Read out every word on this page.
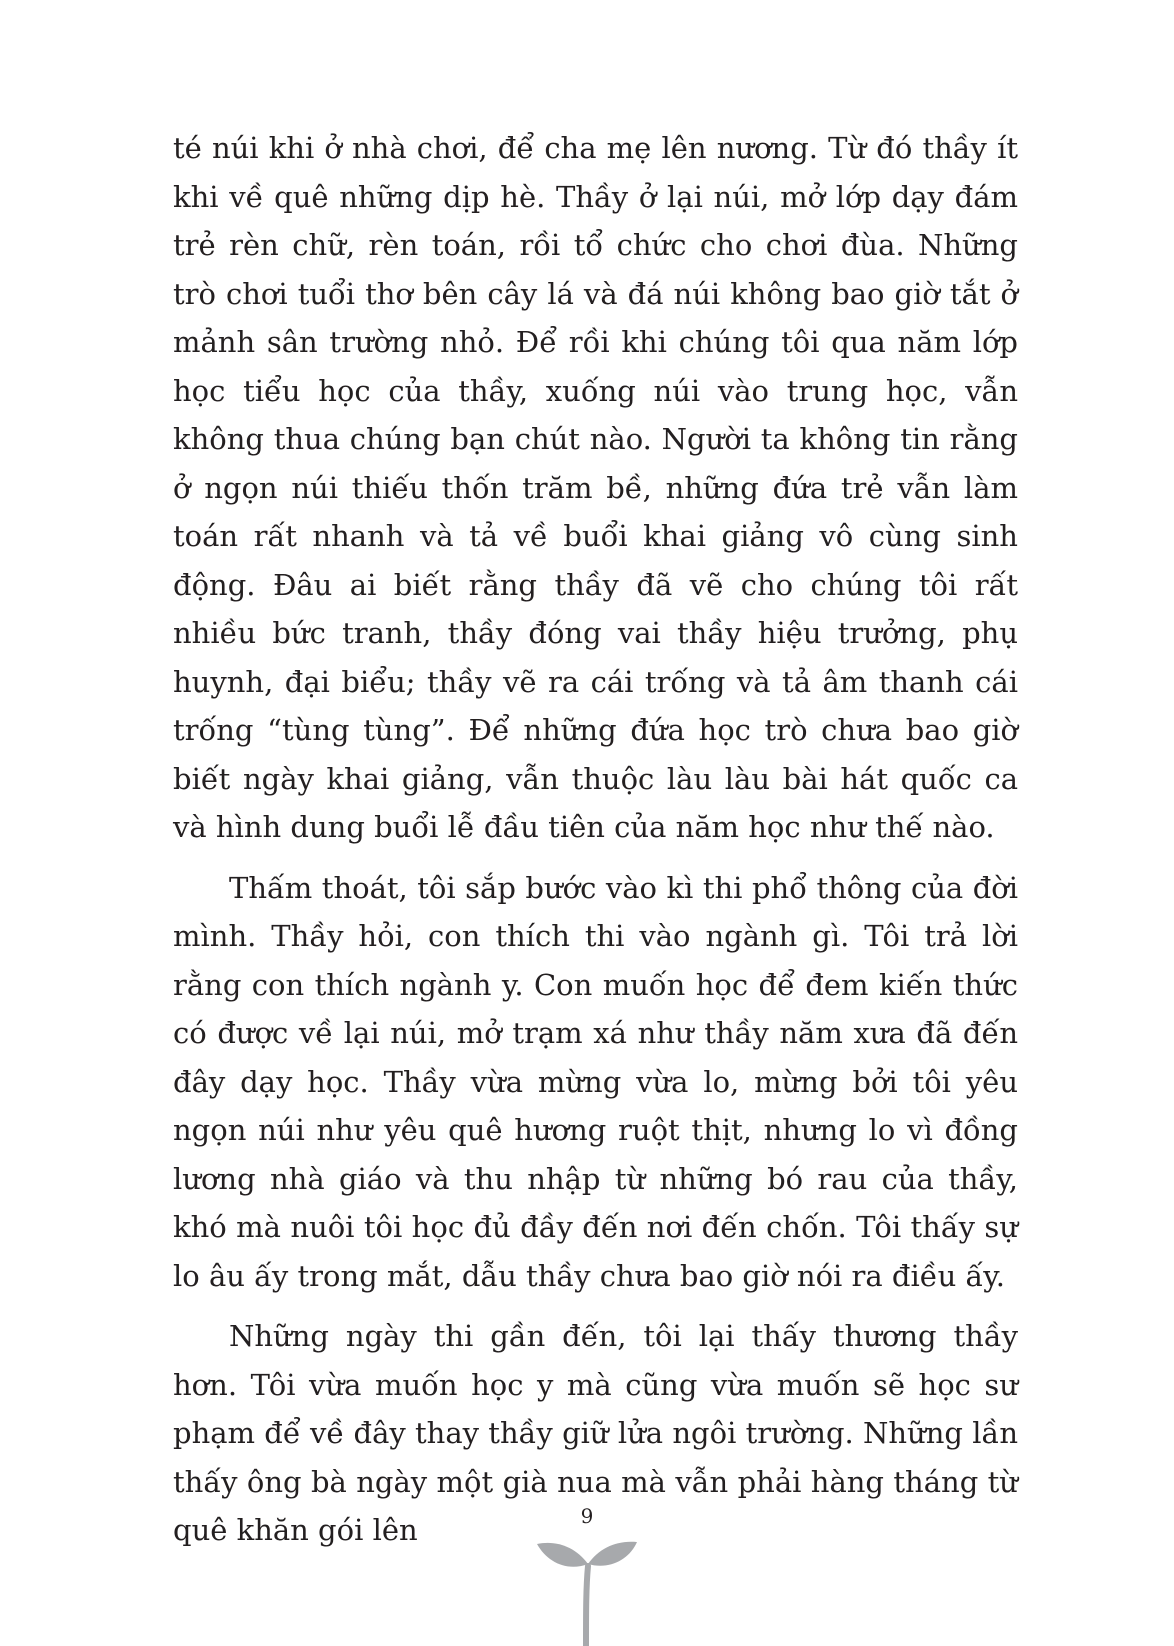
té núi khi ở nhà chơi, để cha mẹ lên nương. Từ đó thầy ít khi về quê những dịp hè. Thầy ở lại núi, mở lớp dạy đám trẻ rèn chữ, rèn toán, rồi tổ chức cho chơi đùa. Những trò chơi tuổi thơ bên cây lá và đá núi không bao giờ tắt ở mảnh sân trường nhỏ. Để rồi khi chúng tôi qua năm lớp học tiểu học của thầy, xuống núi vào trung học, vẫn không thua chúng bạn chút nào. Người ta không tin rằng ở ngọn núi thiếu thốn trăm bề, những đứa trẻ vẫn làm toán rất nhanh và tả về buổi khai giảng vô cùng sinh động. Đâu ai biết rằng thầy đã vẽ cho chúng tôi rất nhiều bức tranh, thầy đóng vai thầy hiệu trưởng, phụ huynh, đại biểu; thầy vẽ ra cái trống và tả âm thanh cái trống “tùng tùng”. Để những đứa học trò chưa bao giờ biết ngày khai giảng, vẫn thuộc làu làu bài hát quốc ca và hình dung buổi lễ đầu tiên của năm học như thế nào.

Thấm thoát, tôi sắp bước vào kì thi phổ thông của đời mình. Thầy hỏi, con thích thi vào ngành gì. Tôi trả lời rằng con thích ngành y. Con muốn học để đem kiến thức có được về lại núi, mở trạm xá như thầy năm xưa đã đến đây dạy học. Thầy vừa mừng vừa lo, mừng bởi tôi yêu ngọn núi như yêu quê hương ruột thịt, nhưng lo vì đồng lương nhà giáo và thu nhập từ những bó rau của thầy, khó mà nuôi tôi học đủ đầy đến nơi đến chốn. Tôi thấy sự lo âu ấy trong mắt, dẫu thầy chưa bao giờ nói ra điều ấy.

Những ngày thi gần đến, tôi lại thấy thương thầy hơn. Tôi vừa muốn học y mà cũng vừa muốn sẽ học sư phạm để về đây thay thầy giữ lửa ngôi trường. Những lần thấy ông bà ngày một già nua mà vẫn phải hàng tháng từ quê khăn gói lên	9
